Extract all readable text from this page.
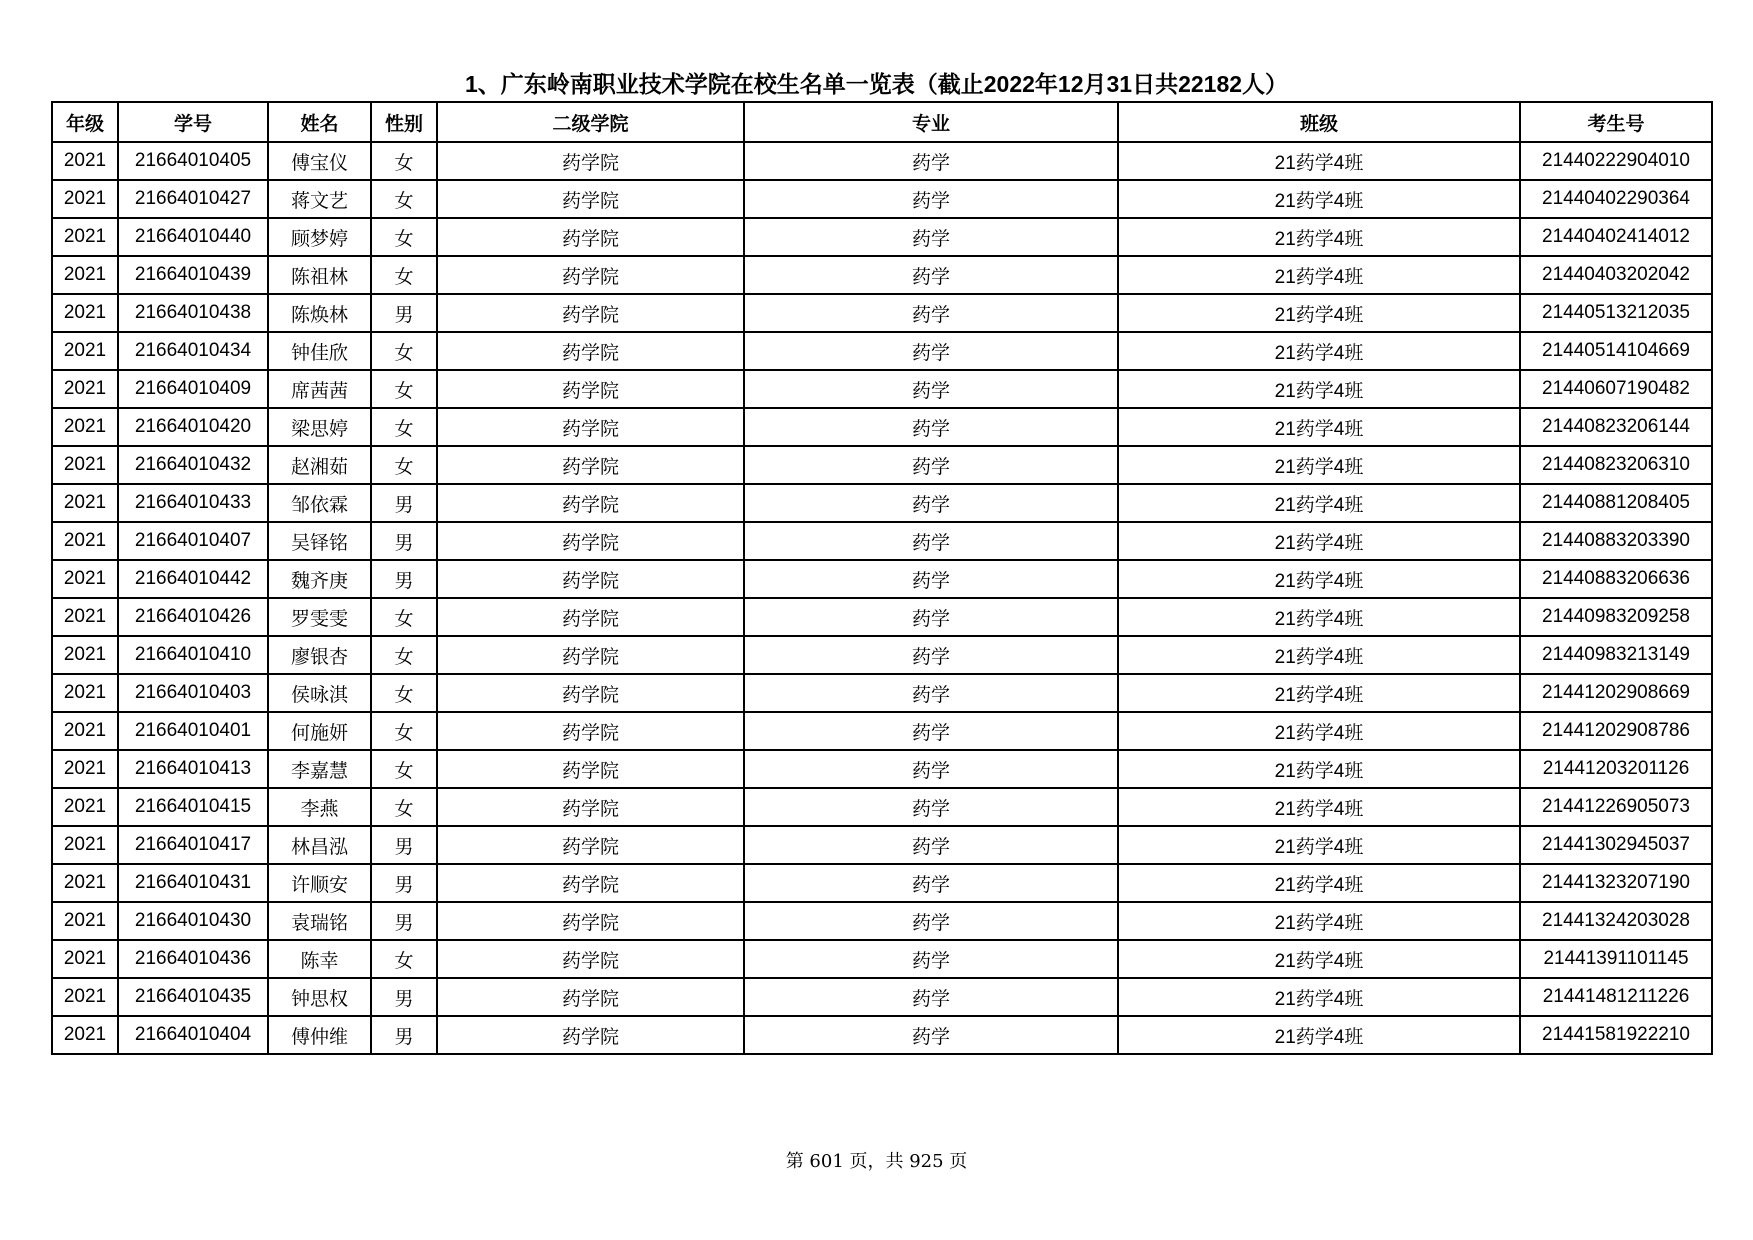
1、广东岭南职业技术学院在校生名单一览表（截止2022年12月31日共22182人）
年级	学号	姓名	性别	二级学院	专业	班级	考生号
2021	21664010405	傅宝仪	女	药学院	药学	21药学4班	21440222904010
2021	21664010427	蒋文艺	女	药学院	药学	21药学4班	21440402290364
2021	21664010440	顾梦婷	女	药学院	药学	21药学4班	21440402414012
2021	21664010439	陈祖林	女	药学院	药学	21药学4班	21440403202042
2021	21664010438	陈焕林	男	药学院	药学	21药学4班	21440513212035
2021	21664010434	钟佳欣	女	药学院	药学	21药学4班	21440514104669
2021	21664010409	席茜茜	女	药学院	药学	21药学4班	21440607190482
2021	21664010420	梁思婷	女	药学院	药学	21药学4班	21440823206144
2021	21664010432	赵湘茹	女	药学院	药学	21药学4班	21440823206310
2021	21664010433	邹依霖	男	药学院	药学	21药学4班	21440881208405
2021	21664010407	吴铎铭	男	药学院	药学	21药学4班	21440883203390
2021	21664010442	魏齐庚	男	药学院	药学	21药学4班	21440883206636
2021	21664010426	罗雯雯	女	药学院	药学	21药学4班	21440983209258
2021	21664010410	廖银杏	女	药学院	药学	21药学4班	21440983213149
2021	21664010403	侯咏淇	女	药学院	药学	21药学4班	21441202908669
2021	21664010401	何施妍	女	药学院	药学	21药学4班	21441202908786
2021	21664010413	李嘉慧	女	药学院	药学	21药学4班	21441203201126
2021	21664010415	李燕	女	药学院	药学	21药学4班	21441226905073
2021	21664010417	林昌泓	男	药学院	药学	21药学4班	21441302945037
2021	21664010431	许顺安	男	药学院	药学	21药学4班	21441323207190
2021	21664010430	袁瑞铭	男	药学院	药学	21药学4班	21441324203028
2021	21664010436	陈幸	女	药学院	药学	21药学4班	21441391101145
2021	21664010435	钟思权	男	药学院	药学	21药学4班	21441481211226
2021	21664010404	傅仲维	男	药学院	药学	21药学4班	21441581922210
第 601 页，共 925 页
